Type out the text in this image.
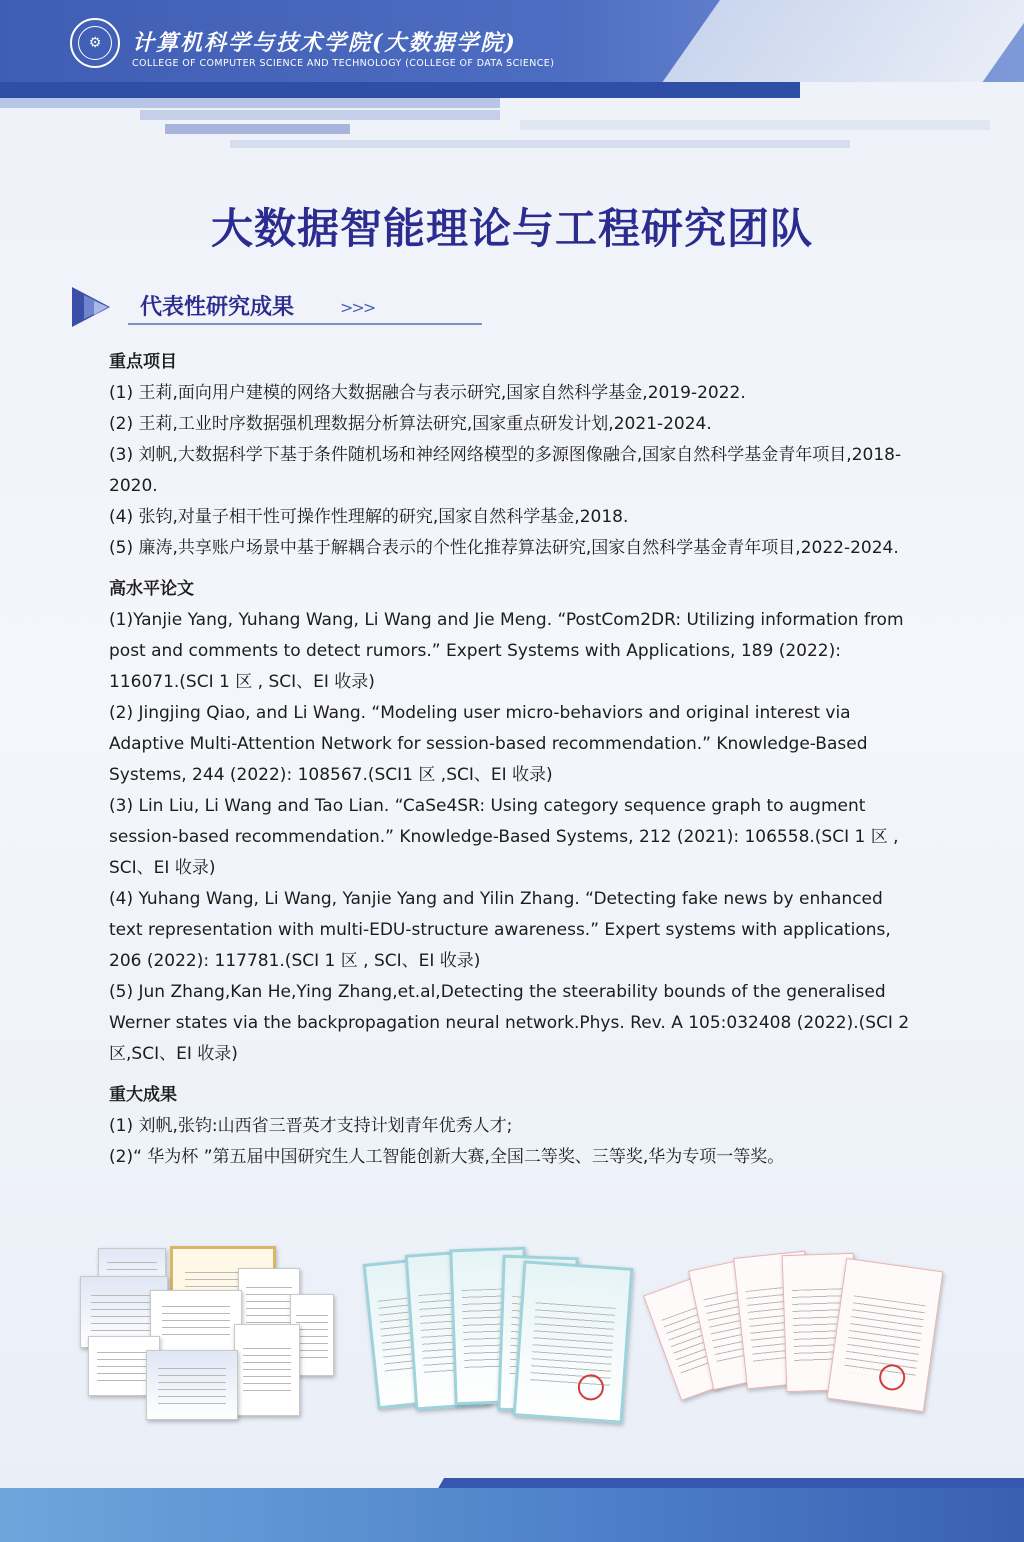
⚙	计算机科学与技术学院(大数据学院)
COLLEGE OF COMPUTER SCIENCE AND TECHNOLOGY (COLLEGE OF DATA SCIENCE)
大数据智能理论与工程研究团队
代表性研究成果	>>>

重点项目

(1) 王莉,面向用户建模的网络大数据融合与表示研究,国家自然科学基金,2019-2022.

(2) 王莉,工业时序数据强机理数据分析算法研究,国家重点研发计划,2021-2024.

(3) 刘帆,大数据科学下基于条件随机场和神经网络模型的多源图像融合,国家自然科学基金青年项目,2018-2020.

(4) 张钧,对量子相干性可操作性理解的研究,国家自然科学基金,2018.

(5) 廉涛,共享账户场景中基于解耦合表示的个性化推荐算法研究,国家自然科学基金青年项目,2022-2024.

高水平论文

(1)Yanjie Yang, Yuhang Wang, Li Wang and Jie Meng. “PostCom2DR: Utilizing information from post and comments to detect rumors.” Expert Systems with Applications, 189 (2022): 116071.(SCI 1 区 , SCI、EI 收录)

(2) Jingjing Qiao, and Li Wang. “Modeling user micro-behaviors and original interest via Adaptive Multi-Attention Network for session-based recommendation.” Knowledge-Based Systems, 244 (2022): 108567.(SCI1 区 ,SCI、EI 收录)

(3) Lin Liu, Li Wang and Tao Lian. “CaSe4SR: Using category sequence graph to augment session-based recommendation.” Knowledge-Based Systems, 212 (2021): 106558.(SCI 1 区 , SCI、EI 收录)

(4) Yuhang Wang, Li Wang, Yanjie Yang and Yilin Zhang. “Detecting fake news by enhanced text representation with multi-EDU-structure awareness.” Expert systems with applications, 206 (2022): 117781.(SCI 1 区 , SCI、EI 收录)

(5) Jun Zhang,Kan He,Ying Zhang,et.al,Detecting the steerability bounds of the generalised Werner states via the backpropagation neural network.Phys. Rev. A 105:032408 (2022).(SCI 2 区,SCI、EI 收录)

重大成果

(1) 刘帆,张钧:山西省三晋英才支持计划青年优秀人才;

(2)“ 华为杯 ”第五届中国研究生人工智能创新大赛,全国二等奖、三等奖,华为专项一等奖。
